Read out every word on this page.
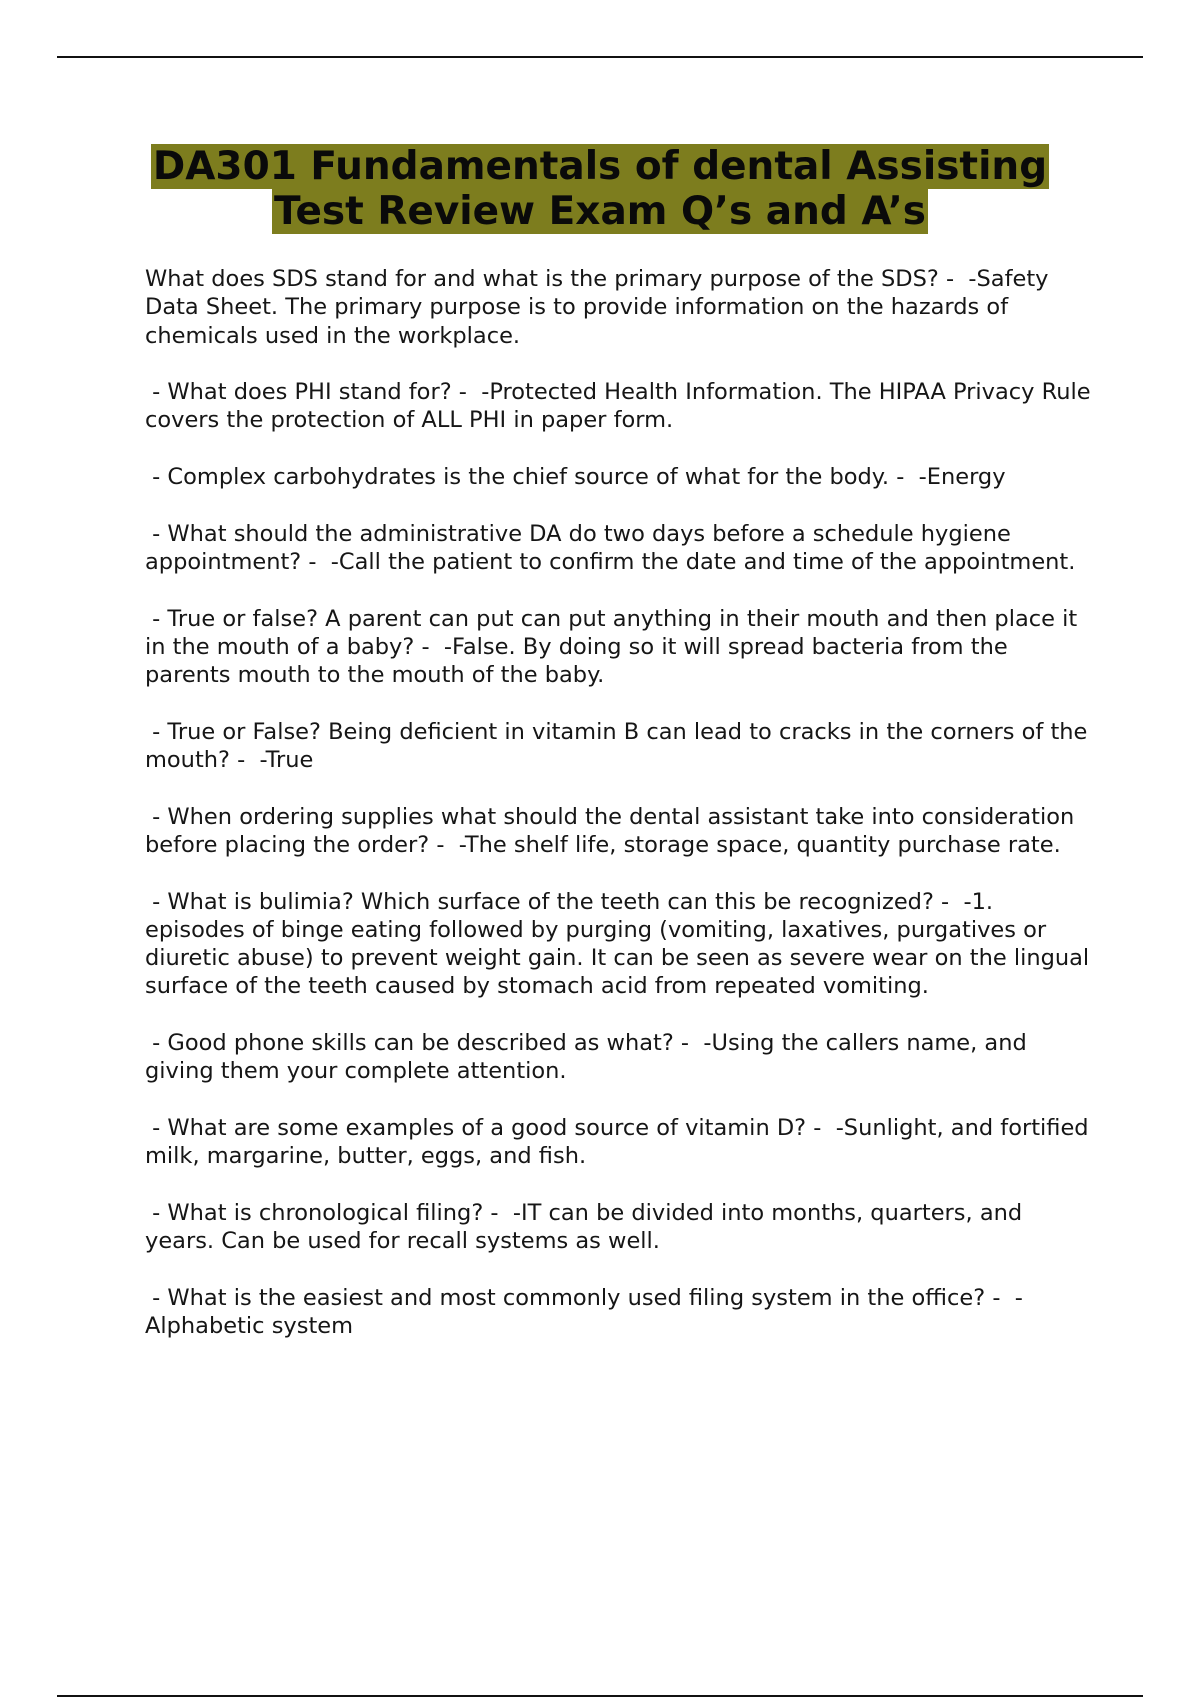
DA301 Fundamentals of dental Assisting
Test Review Exam Q’s and A’s

What does SDS stand for and what is the primary purpose of the SDS? -  -Safety Data Sheet. The primary purpose is to provide information on the hazards of chemicals used in the workplace.

- What does PHI stand for? -  -Protected Health Information. The HIPAA Privacy Rule covers the protection of ALL PHI in paper form.

- Complex carbohydrates is the chief source of what for the body. -  -Energy

- What should the administrative DA do two days before a schedule hygiene appointment? -  -Call the patient to confirm the date and time of the appointment.

- True or false? A parent can put can put anything in their mouth and then place it in the mouth of a baby? -  -False. By doing so it will spread bacteria from the parents mouth to the mouth of the baby.

- True or False? Being deficient in vitamin B can lead to cracks in the corners of the mouth? -  -True

- When ordering supplies what should the dental assistant take into consideration before placing the order? -  -The shelf life, storage space, quantity purchase rate.

- What is bulimia? Which surface of the teeth can this be recognized? -  -1. episodes of binge eating followed by purging (vomiting, laxatives, purgatives or diuretic abuse) to prevent weight gain. It can be seen as severe wear on the lingual surface of the teeth caused by stomach acid from repeated vomiting.

- Good phone skills can be described as what? -  -Using the callers name, and giving them your complete attention.

- What are some examples of a good source of vitamin D? -  -Sunlight, and fortified milk, margarine, butter, eggs, and fish.

- What is chronological filing? -  -IT can be divided into months, quarters, and years. Can be used for recall systems as well.

- What is the easiest and most commonly used filing system in the office? -  -Alphabetic system
